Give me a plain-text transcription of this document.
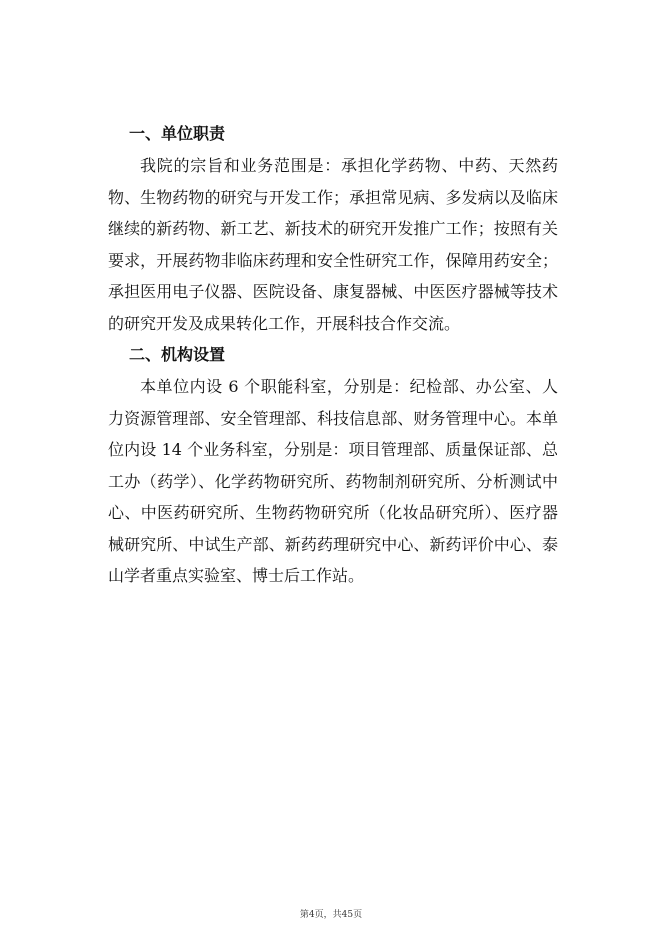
一、单位职责

我院的宗旨和业务范围是：承担化学药物、中药、天然药物、生物药物的研究与开发工作；承担常见病、多发病以及临床继续的新药物、新工艺、新技术的研究开发推广工作；按照有关要求，开展药物非临床药理和安全性研究工作，保障用药安全；承担医用电子仪器、医院设备、康复器械、中医医疗器械等技术的研究开发及成果转化工作，开展科技合作交流。

二、机构设置

本单位内设 6 个职能科室，分别是：纪检部、办公室、人力资源管理部、安全管理部、科技信息部、财务管理中心。本单位内设 14 个业务科室，分别是：项目管理部、质量保证部、总工办（药学）、化学药物研究所、药物制剂研究所、分析测试中心、中医药研究所、生物药物研究所（化妆品研究所）、医疗器械研究所、中试生产部、新药药理研究中心、新药评价中心、泰山学者重点实验室、博士后工作站。

第4页，共45页
